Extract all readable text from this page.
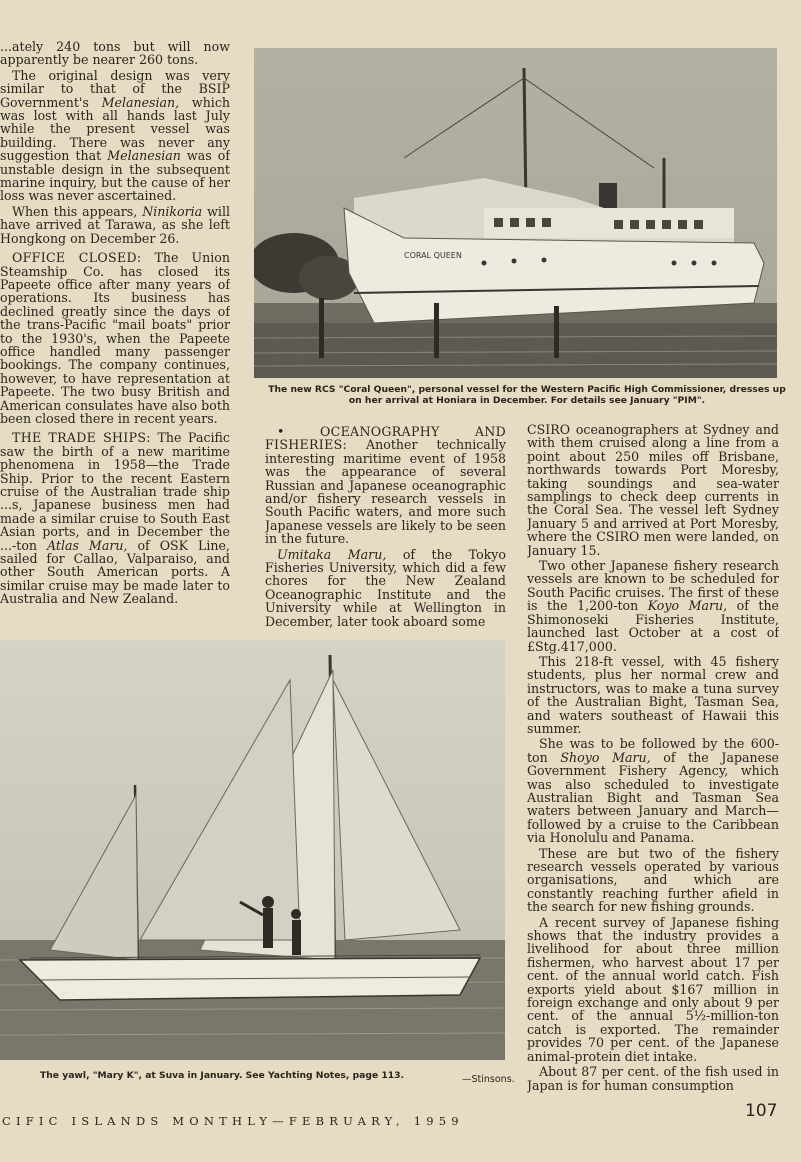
...ately 240 tons but will now apparently be nearer 260 tons.

The original design was very similar to that of the BSIP Government's Melanesian, which was lost with all hands last July while the present vessel was building. There was never any suggestion that Melanesian was of unstable design in the subsequent marine inquiry, but the cause of her loss was never ascertained.

When this appears, Ninikoria will have arrived at Tarawa, as she left Hongkong on December 26.

OFFICE CLOSED: The Union Steamship Co. has closed its Papeete office after many years of operations. Its business has declined greatly since the days of the trans-Pacific "mail boats" prior to the 1930's, when the Papeete office handled many passenger bookings. The company continues, however, to have representation at Papeete. The two busy British and American consulates have also both been closed there in recent years.

THE TRADE SHIPS: The Pacific saw the birth of a new maritime phenomena in 1958—the Trade Ship. Prior to the recent Eastern cruise of the Australian trade ship ...s, Japanese business men had made a similar cruise to South East Asian ports, and in December the ...-ton Atlas Maru, of OSK Line, sailed for Callao, Valparaiso, and other South American ports. A similar cruise may be made later to Australia and New Zealand.

CORAL QUEEN
The new RCS "Coral Queen", personal vessel for the Western Pacific High Commissioner, dresses up on her arrival at Honiara in December. For details see January "PIM".

• OCEANOGRAPHY AND FISHERIES: Another technically interesting maritime event of 1958 was the appearance of several Russian and Japanese oceanographic and/or fishery research vessels in South Pacific waters, and more such Japanese vessels are likely to be seen in the future.

Umitaka Maru, of the Tokyo Fisheries University, which did a few chores for the New Zealand Oceanographic Institute and the University while at Wellington in December, later took aboard some

CSIRO oceanographers at Sydney and with them cruised along a line from a point about 250 miles off Brisbane, northwards towards Port Moresby, taking soundings and sea-water samplings to check deep currents in the Coral Sea. The vessel left Sydney January 5 and arrived at Port Moresby, where the CSIRO men were landed, on January 15.

Two other Japanese fishery research vessels are known to be scheduled for South Pacific cruises. The first of these is the 1,200-ton Koyo Maru, of the Shimonoseki Fisheries Institute, launched last October at a cost of £Stg.417,000.

This 218-ft vessel, with 45 fishery students, plus her normal crew and instructors, was to make a tuna survey of the Australian Bight, Tasman Sea, and waters southeast of Hawaii this summer.

She was to be followed by the 600-ton Shoyo Maru, of the Japanese Government Fishery Agency, which was also scheduled to investigate Australian Bight and Tasman Sea waters between January and March—followed by a cruise to the Caribbean via Honolulu and Panama.

These are but two of the fishery research vessels operated by various organisations, and which are constantly reaching further afield in the search for new fishing grounds.

A recent survey of Japanese fishing shows that the industry provides a livelihood for about three million fishermen, who harvest about 17 per cent. of the annual world catch. Fish exports yield about $167 million in foreign exchange and only about 9 per cent. of the annual 5½-million-ton catch is exported. The remainder provides 70 per cent. of the Japanese animal-protein diet intake.

About 87 per cent. of the fish used in Japan is for human consumption

The yawl, "Mary K", at Suva in January. See Yachting Notes, page 113.	—Stinsons.
CIFIC ISLANDS MONTHLY—FEBRUARY, 1959	107
